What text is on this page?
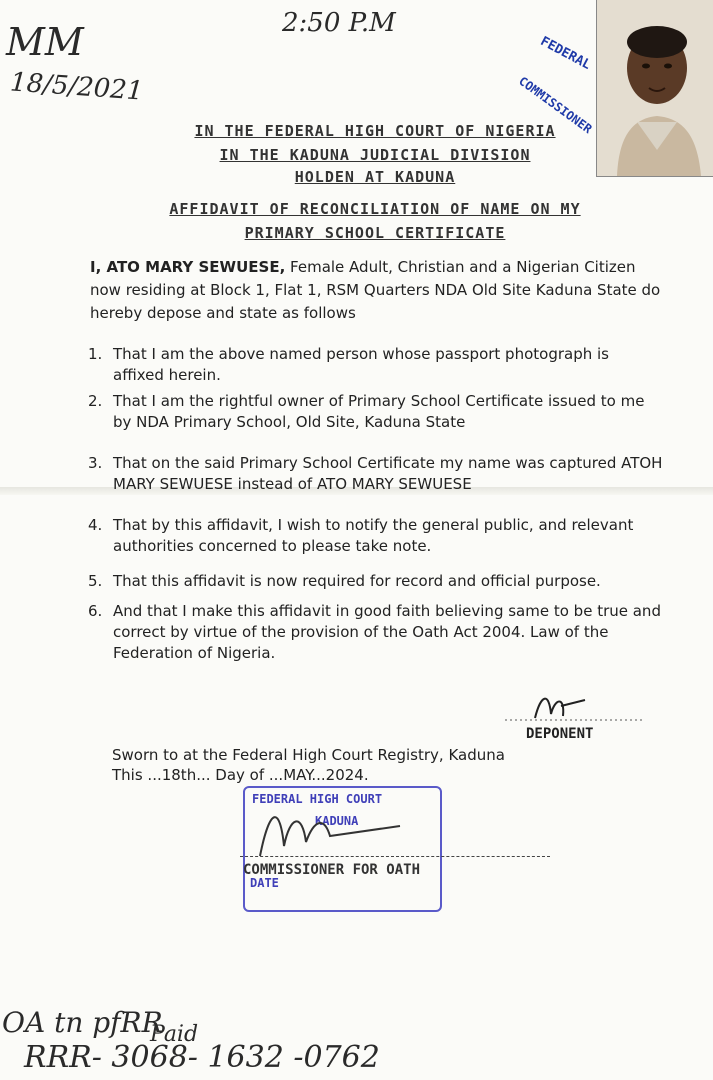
MM
18/5/2021
2:50 P.M
FEDERAL
COMMISSIONER
IN THE FEDERAL HIGH COURT OF NIGERIA
IN THE KADUNA JUDICIAL DIVISION
HOLDEN AT KADUNA
AFFIDAVIT OF RECONCILIATION OF NAME ON MY
PRIMARY SCHOOL CERTIFICATE
I, ATO MARY SEWUESE, Female Adult, Christian and a Nigerian Citizen now residing at Block 1, Flat 1, RSM Quarters NDA Old Site Kaduna State do hereby depose and state as follows
1. That I am the above named person whose passport photograph is affixed herein.
2. That I am the rightful owner of Primary School Certificate issued to me by NDA Primary School, Old Site, Kaduna State
3. That on the said Primary School Certificate my name was captured ATOH MARY SEWUESE instead of ATO MARY SEWUESE
4. That by this affidavit, I wish to notify the general public, and relevant authorities concerned to please take note.
5. That this affidavit is now required for record and official purpose.
6. And that I make this affidavit in good faith believing same to be true and correct by virtue of the provision of the Oath Act 2004. Law of the Federation of Nigeria.
DEPONENT
Sworn to at the Federal High Court Registry, Kaduna
This ...18th... Day of ...MAY...2024.
FEDERAL HIGH COURT
KADUNA
DATE
COMMISSIONER FOR OATH
OA tn pfRR
Paid
RRR- 3068- 1632 -0762
